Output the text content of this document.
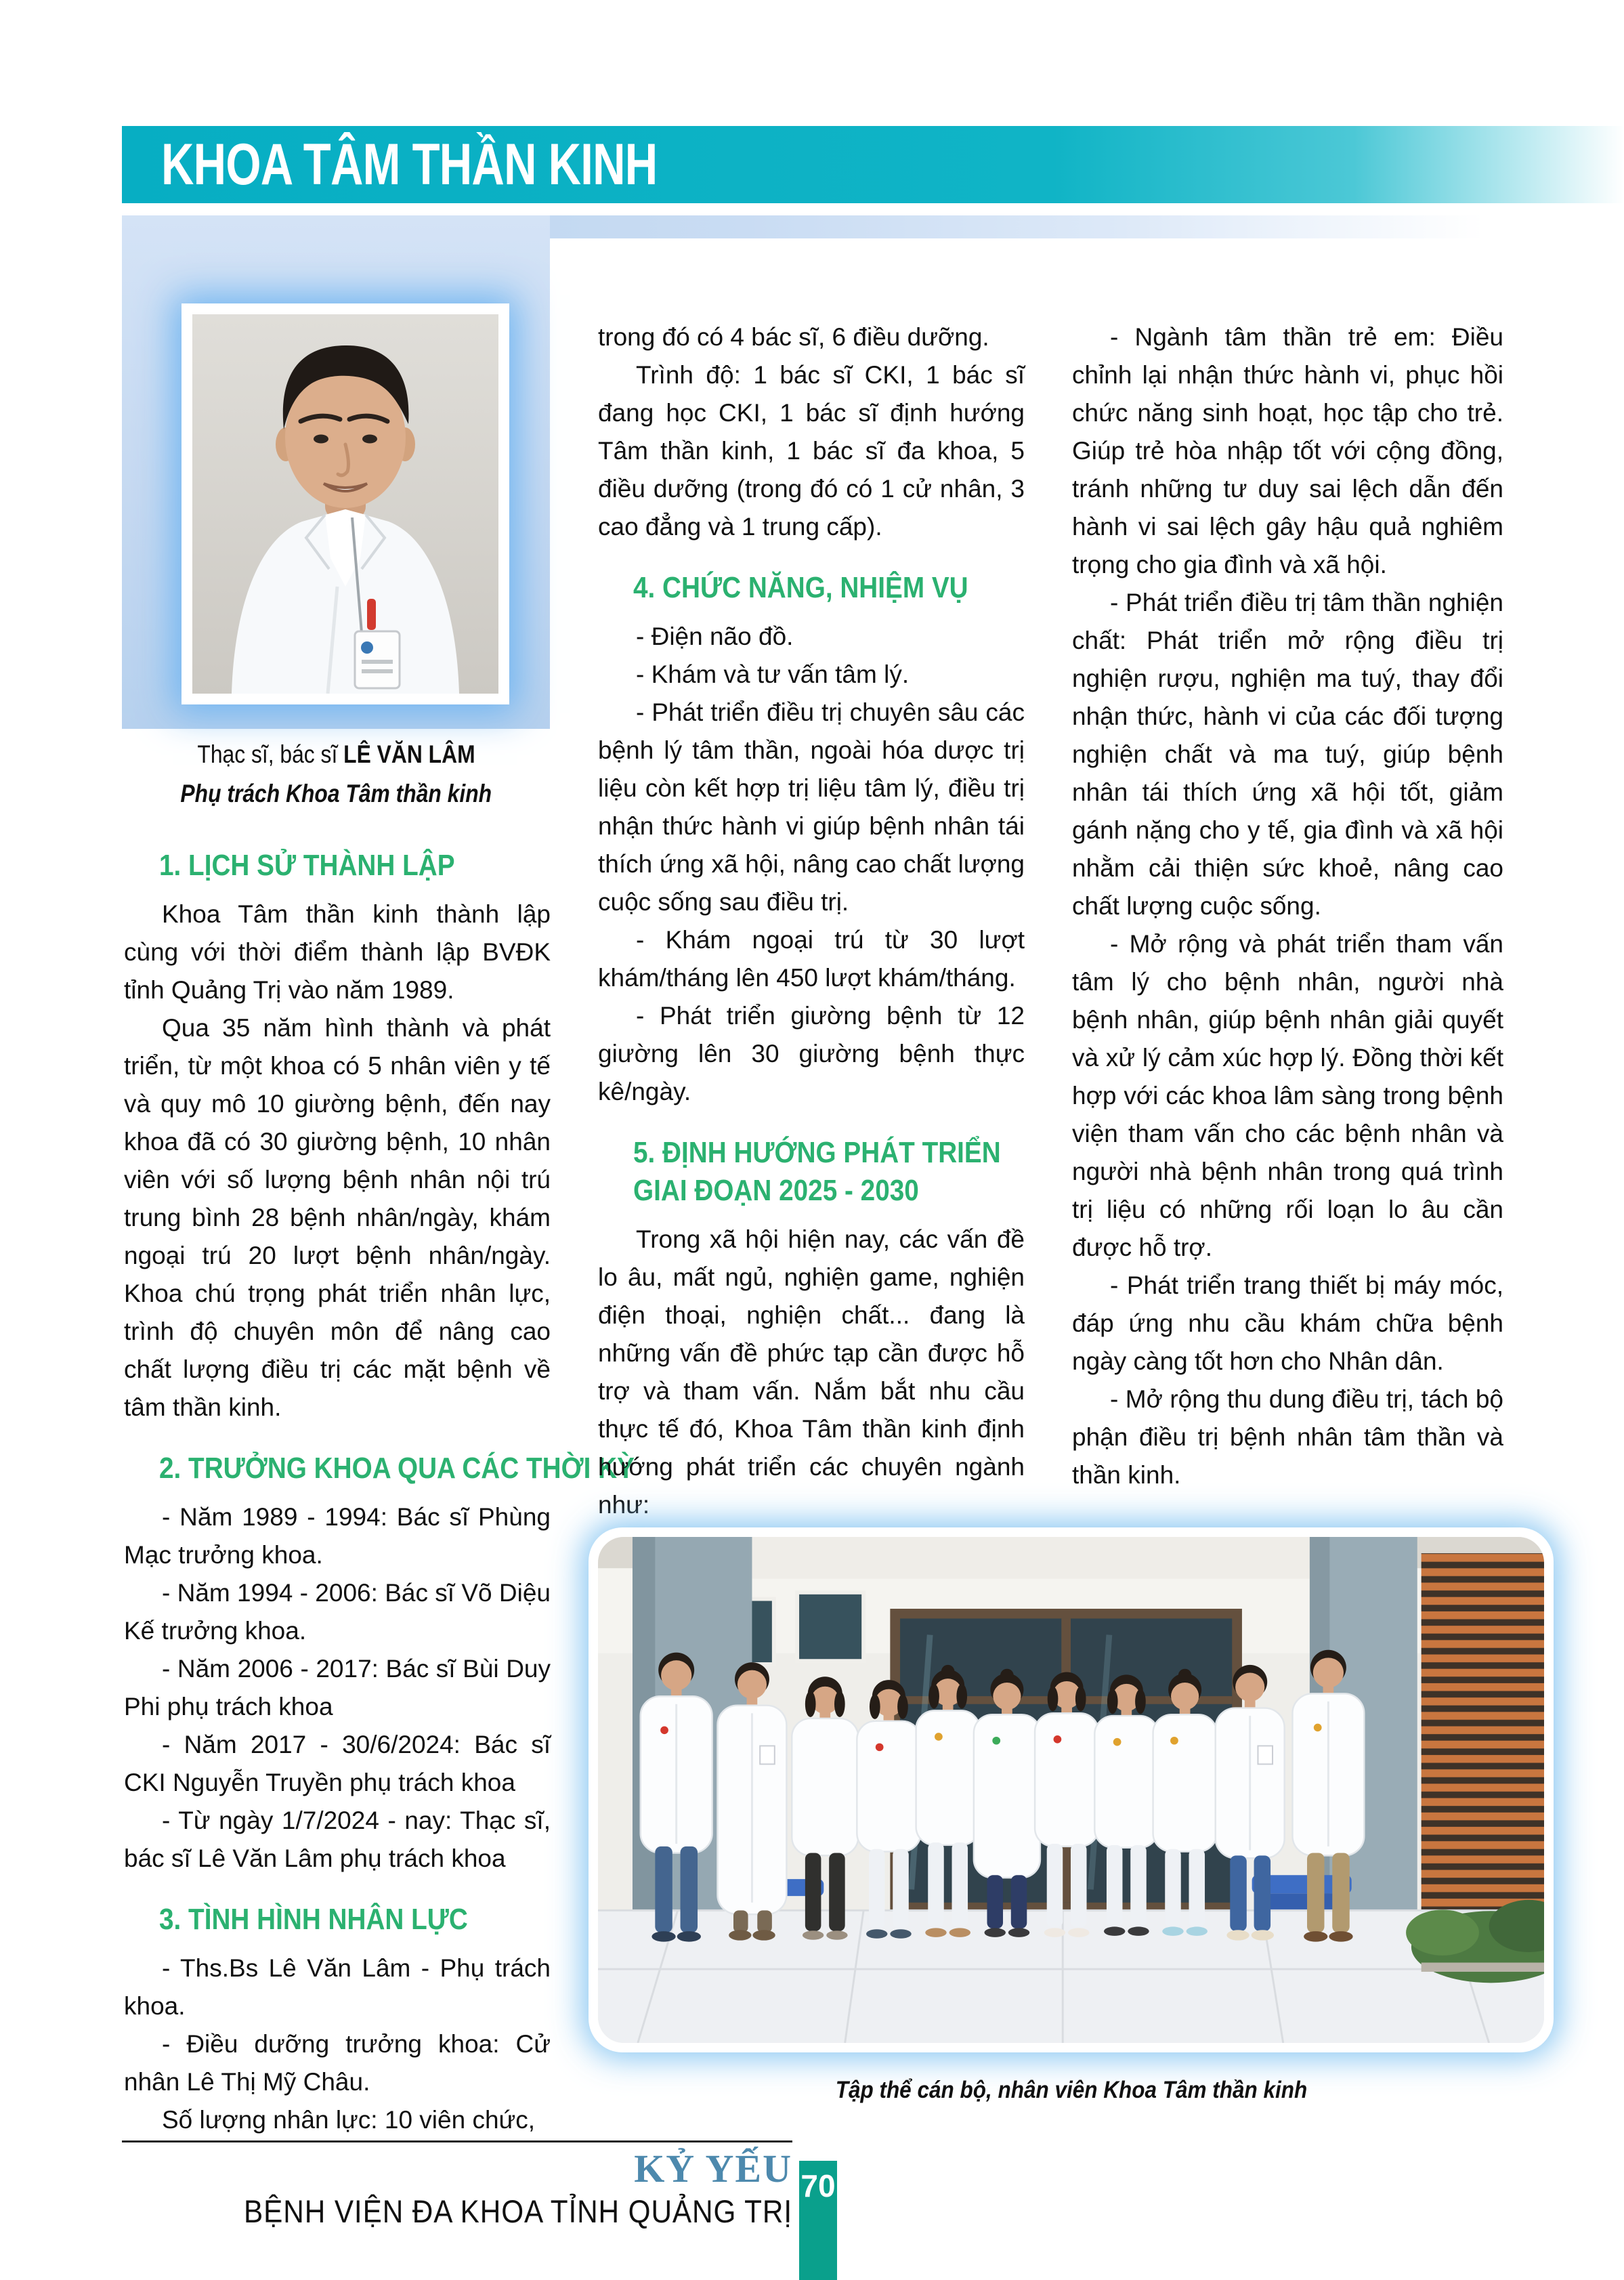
KHOA TÂM THẦN KINH
Thạc sĩ, bác sĩ LÊ VĂN LÂM
Phụ trách Khoa Tâm thần kinh
1. LỊCH SỬ THÀNH LẬP

Khoa Tâm thần kinh thành lập cùng với thời điểm thành lập BVĐK tỉnh Quảng Trị vào năm 1989.

Qua 35 năm hình thành và phát triển, từ một khoa có 5 nhân viên y tế và quy mô 10 giường bệnh, đến nay khoa đã có 30 giường bệnh, 10 nhân viên với số lượng bệnh nhân nội trú trung bình 28 bệnh nhân/ngày, khám ngoại trú 20 lượt bệnh nhân/ngày. Khoa chú trọng phát triển nhân lực, trình độ chuyên môn để nâng cao chất lượng điều trị các mặt bệnh về tâm thần kinh.

2. TRƯỞNG KHOA QUA CÁC THỜI KỲ

- Năm 1989 - 1994: Bác sĩ Phùng Mạc trưởng khoa.

- Năm 1994 - 2006: Bác sĩ Võ Diệu Kế trưởng khoa.

- Năm 2006 - 2017: Bác sĩ Bùi Duy Phi phụ trách khoa

- Năm 2017 - 30/6/2024: Bác sĩ CKI Nguyễn Truyền phụ trách khoa

- Từ ngày 1/7/2024 - nay: Thạc sĩ, bác sĩ Lê Văn Lâm phụ trách khoa

3. TÌNH HÌNH NHÂN LỰC

- Ths.Bs Lê Văn Lâm - Phụ trách khoa.

- Điều dưỡng trưởng khoa: Cử nhân Lê Thị Mỹ Châu.

Số lượng nhân lực: 10 viên chức,

trong đó có 4 bác sĩ, 6 điều dưỡng.

Trình độ: 1 bác sĩ CKI, 1 bác sĩ đang học CKI, 1 bác sĩ định hướng Tâm thần kinh, 1 bác sĩ đa khoa, 5 điều dưỡng (trong đó có 1 cử nhân, 3 cao đẳng và 1 trung cấp).

4. CHỨC NĂNG, NHIỆM VỤ

- Điện não đồ.

- Khám và tư vấn tâm lý.

- Phát triển điều trị chuyên sâu các bệnh lý tâm thần, ngoài hóa dược trị liệu còn kết hợp trị liệu tâm lý, điều trị nhận thức hành vi giúp bệnh nhân tái thích ứng xã hội, nâng cao chất lượng cuộc sống sau điều trị.

- Khám ngoại trú từ 30 lượt khám/tháng lên 450 lượt khám/tháng.

- Phát triển giường bệnh từ 12 giường lên 30 giường bệnh thực kê/ngày.

5. ĐỊNH HƯỚNG PHÁT TRIỂN
GIAI ĐOẠN 2025 - 2030

Trong xã hội hiện nay, các vấn đề lo âu, mất ngủ, nghiện game, nghiện điện thoại, nghiện chất... đang là những vấn đề phức tạp cần được hỗ trợ và tham vấn. Nắm bắt nhu cầu thực tế đó, Khoa Tâm thần kinh định hướng phát triển các chuyên ngành như:

- Ngành tâm thần trẻ em: Điều chỉnh lại nhận thức hành vi, phục hồi chức năng sinh hoạt, học tập cho trẻ. Giúp trẻ hòa nhập tốt với cộng đồng, tránh những tư duy sai lệch dẫn đến hành vi sai lệch gây hậu quả nghiêm trọng cho gia đình và xã hội.

- Phát triển điều trị tâm thần nghiện chất: Phát triển mở rộng điều trị nghiện rượu, nghiện ma tuý, thay đổi nhận thức, hành vi của các đối tượng nghiện chất và ma tuý, giúp bệnh nhân tái thích ứng xã hội tốt, giảm gánh nặng cho y tế, gia đình và xã hội nhằm cải thiện sức khoẻ, nâng cao chất lượng cuộc sống.

- Mở rộng và phát triển tham vấn tâm lý cho bệnh nhân, người nhà bệnh nhân, giúp bệnh nhân giải quyết và xử lý cảm xúc hợp lý. Đồng thời kết hợp với các khoa lâm sàng trong bệnh viện tham vấn cho các bệnh nhân và người nhà bệnh nhân trong quá trình trị liệu có những rối loạn lo âu cần được hỗ trợ.

- Phát triển trang thiết bị máy móc, đáp ứng nhu cầu khám chữa bệnh ngày càng tốt hơn cho Nhân dân.

- Mở rộng thu dung điều trị, tách bộ phận điều trị bệnh nhân tâm thần và thần kinh.

Tập thể cán bộ, nhân viên Khoa Tâm thần kinh
KỶ YẾU
BỆNH VIỆN ĐA KHOA TỈNH QUẢNG TRỊ
70
